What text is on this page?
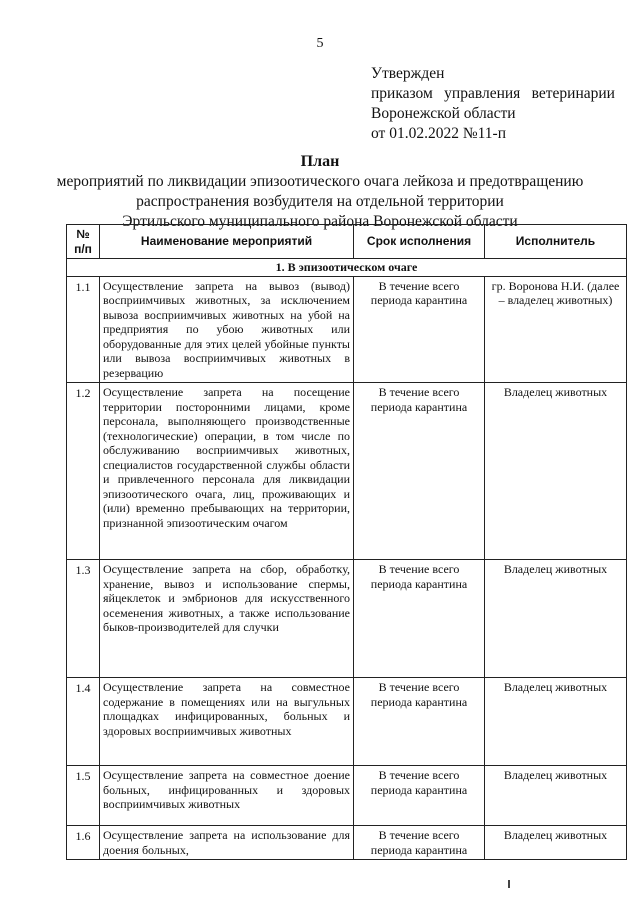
5
Утвержден
приказом управления ветеринарии
Воронежской области
от 01.02.2022 №11-п
План
мероприятий по ликвидации эпизоотического очага лейкоза и предотвращению
распространения возбудителя на отдельной территории
Эртильского муниципального района Воронежской области
№ п/п	Наименование мероприятий	Срок исполнения	Исполнитель
1. В эпизоотическом очаге			
1.1	Осуществление запрета на вывоз (вывод) восприимчивых животных, за исключением вывоза восприимчивых животных на убой на предприятия по убою животных или оборудованные для этих целей убойные пункты или вывоза восприимчивых животных в резервацию	В течение всего периода карантина	гр. Воронова Н.И. (далее – владелец животных)
1.2	Осуществление запрета на посещение территории посторонними лицами, кроме персонала, выполняющего производственные (технологические) операции, в том числе по обслуживанию восприимчивых животных, специалистов государственной службы области и привлеченного персонала для ликвидации эпизоотического очага, лиц, проживающих и (или) временно пребывающих на территории, признанной эпизоотическим очагом	В течение всего периода карантина	Владелец животных
1.3	Осуществление запрета на сбор, обработку, хранение, вывоз и использование спермы, яйцеклеток и эмбрионов для искусственного осеменения животных, а также использование быков-производителей для случки	В течение всего периода карантина	Владелец животных
1.4	Осуществление запрета на совместное содержание в помещениях или на выгульных площадках инфицированных, больных и здоровых восприимчивых животных	В течение всего периода карантина	Владелец животных
1.5	Осуществление запрета на совместное доение больных, инфицированных и здоровых восприимчивых животных	В течение всего периода карантина	Владелец животных
1.6	Осуществление запрета на использование для доения больных,	В течение всего периода карантина	Владелец животных
